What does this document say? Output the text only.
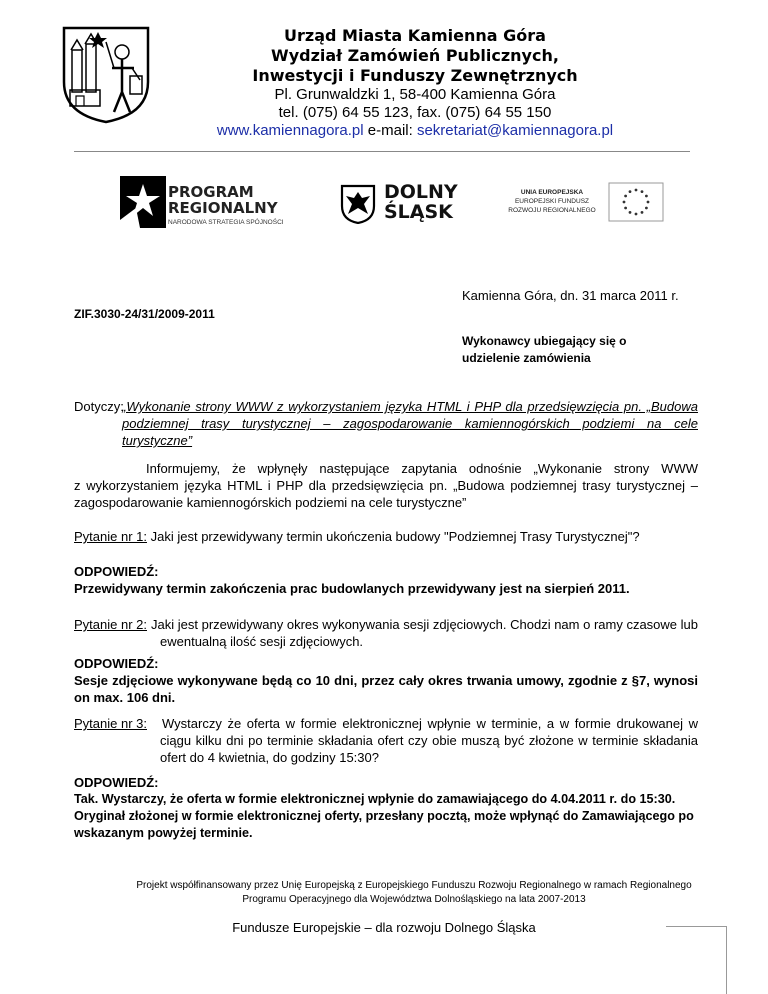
Urząd Miasta Kamienna Góra
Wydział Zamówień Publicznych,
Inwestycji i Funduszy Zewnętrznych
Pl. Grunwaldzki 1, 58-400 Kamienna Góra
tel. (075) 64 55 123, fax. (075) 64 55 150
www.kamiennagora.pl e-mail: sekretariat@kamiennagora.pl
PROGRAM
REGIONALNY
NARODOWA STRATEGIA SPÓJNOŚCI
DOLNY
ŚLĄSK
UNIA EUROPEJSKA
EUROPEJSKI FUNDUSZ
ROZWOJU REGIONALNEGO
Kamienna Góra, dn. 31 marca 2011 r.
ZIF.3030-24/31/2009-2011
Wykonawcy ubiegający się o
udzielenie zamówienia
Dotyczy:
„Wykonanie strony WWW z wykorzystaniem języka HTML i PHP dla przedsięwzięcia pn. „Budowa
podziemnej trasy turystycznej – zagospodarowanie kamiennogórskich podziemi na cele
turystyczne”
Informujemy, że wpłynęły następujące zapytania odnośnie „Wykonanie strony WWW
z wykorzystaniem języka HTML i PHP dla przedsięwzięcia pn. „Budowa podziemnej trasy turystycznej –
zagospodarowanie kamiennogórskich podziemi na cele turystyczne”
Pytanie nr 1: Jaki jest przewidywany termin ukończenia budowy "Podziemnej Trasy Turystycznej"?
ODPOWIEDŹ:
Przewidywany termin zakończenia prac budowlanych przewidywany jest na sierpień 2011.
Pytanie nr 2: Jaki jest przewidywany okres wykonywania sesji zdjęciowych. Chodzi nam o ramy czasowe lub
ewentualną ilość sesji zdjęciowych.
ODPOWIEDŹ:
Sesje zdjęciowe wykonywane będą co 10 dni, przez cały okres trwania umowy, zgodnie z §7, wynosi
on max. 106 dni.
Pytanie nr 3: Wystarczy że oferta w formie elektronicznej wpłynie w terminie, a w formie drukowanej w
ciągu kilku dni po terminie składania ofert czy obie muszą być złożone w terminie składania
ofert do 4 kwietnia, do godziny 15:30?
ODPOWIEDŹ:
Tak. Wystarczy, że oferta w formie elektronicznej wpłynie do zamawiającego do 4.04.2011 r. do 15:30.
Oryginał złożonej w formie elektronicznej oferty, przesłany pocztą, może wpłynąć do Zamawiającego po
wskazanym powyżej terminie.
Projekt współfinansowany przez Unię Europejską z Europejskiego Funduszu Rozwoju Regionalnego w ramach Regionalnego
Programu Operacyjnego dla Województwa Dolnośląskiego na lata 2007-2013
Fundusze Europejskie – dla rozwoju Dolnego Śląska
